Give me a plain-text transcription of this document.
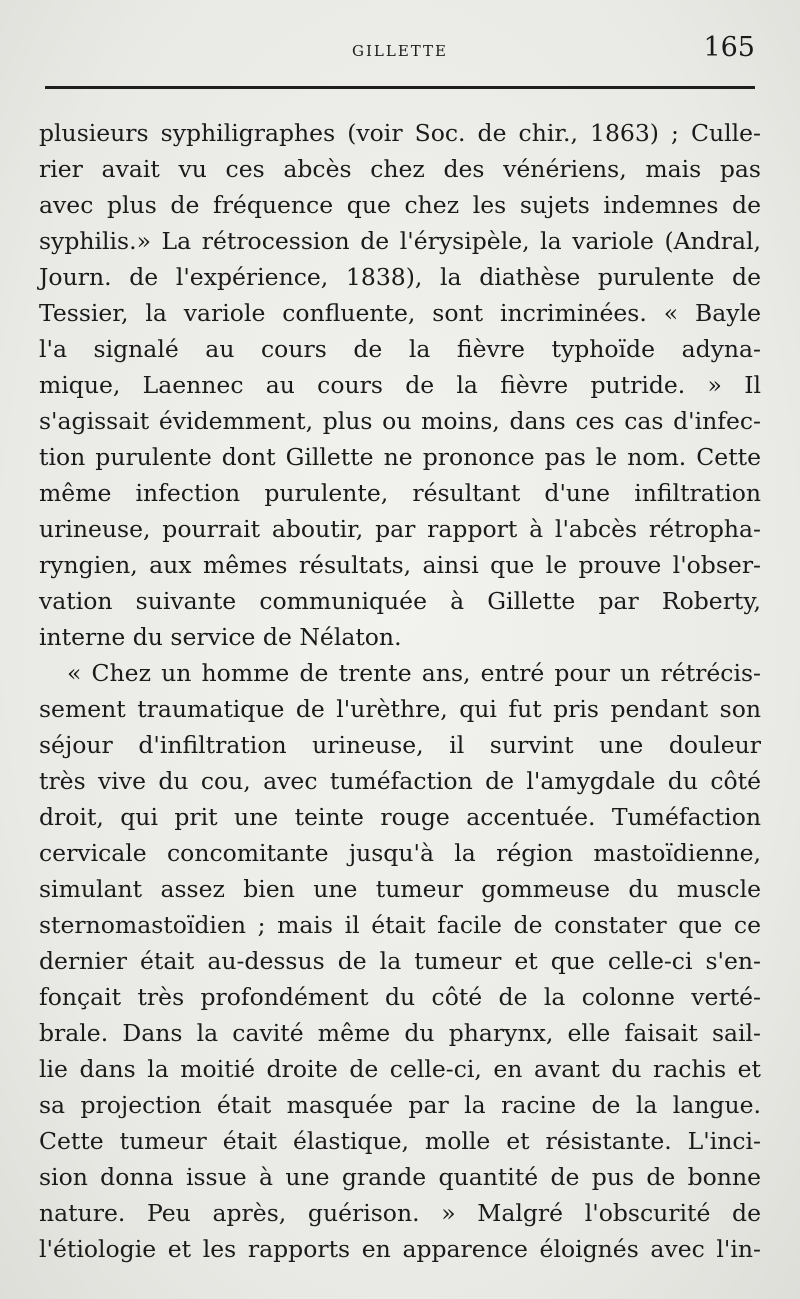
GILLETTE	165
plusieurs syphiligraphes (voir Soc. de chir., 1863) ; Culle-
rier avait vu ces abcès chez des vénériens, mais pas
avec plus de fréquence que chez les sujets indemnes de
syphilis.» La rétrocession de l'érysipèle, la variole (Andral,
Journ. de l'expérience, 1838), la diathèse purulente de
Tessier, la variole confluente, sont incriminées. « Bayle
l'a signalé au cours de la fièvre typhoïde adyna-
mique, Laennec au cours de la fièvre putride. » Il
s'agissait évidemment, plus ou moins, dans ces cas d'infec-
tion purulente dont Gillette ne prononce pas le nom. Cette
même infection purulente, résultant d'une infiltration
urineuse, pourrait aboutir, par rapport à l'abcès rétropha-
ryngien, aux mêmes résultats, ainsi que le prouve l'obser-
vation suivante communiquée à Gillette par Roberty,
interne du service de Nélaton.
« Chez un homme de trente ans, entré pour un rétrécis-
sement traumatique de l'urèthre, qui fut pris pendant son
séjour d'infiltration urineuse, il survint une douleur
très vive du cou, avec tuméfaction de l'amygdale du côté
droit, qui prit une teinte rouge accentuée. Tuméfaction
cervicale concomitante jusqu'à la région mastoïdienne,
simulant assez bien une tumeur gommeuse du muscle
sternomastoïdien ; mais il était facile de constater que ce
dernier était au-dessus de la tumeur et que celle-ci s'en-
fonçait très profondément du côté de la colonne verté-
brale. Dans la cavité même du pharynx, elle faisait sail-
lie dans la moitié droite de celle-ci, en avant du rachis et
sa projection était masquée par la racine de la langue.
Cette tumeur était élastique, molle et résistante. L'inci-
sion donna issue à une grande quantité de pus de bonne
nature. Peu après, guérison. » Malgré l'obscurité de
l'étiologie et les rapports en apparence éloignés avec l'in-
